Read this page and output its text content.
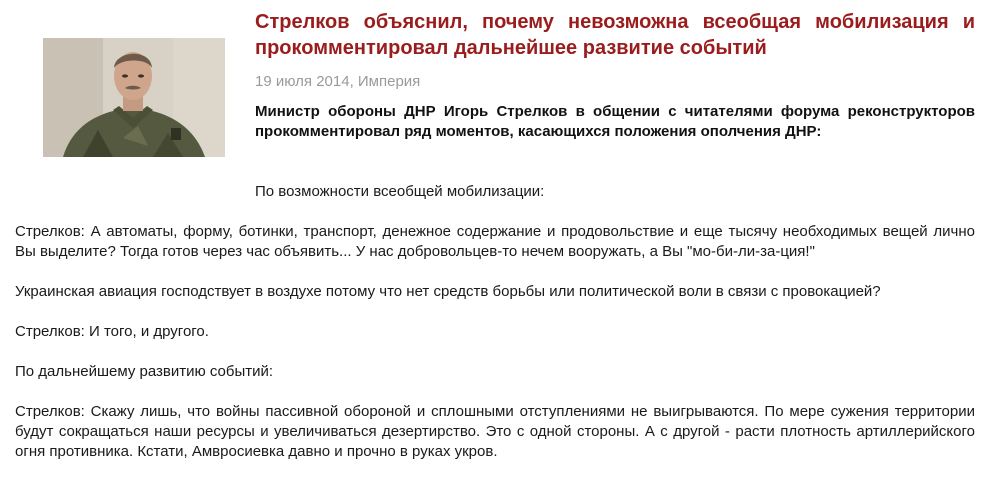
Стрелков объяснил, почему невозможна всеобщая мобилизация и прокомментировал дальнейшее развитие событий
19 июля 2014, Империя

Министр обороны ДНР Игорь Стрелков в общении с читателями форума реконструкторов прокомментировал ряд моментов, касающихся положения ополчения ДНР:

По возможности всеобщей мобилизации:

Стрелков: А автоматы, форму, ботинки, транспорт, денежное содержание и продовольствие и еще тысячу необходимых вещей лично Вы выделите? Тогда готов через час объявить... У нас добровольцев-то нечем вооружать, а Вы "мо-би-ли-за-ция!"

Украинская авиация господствует в воздухе потому что нет средств борьбы или политической воли в связи с провокацией?

Стрелков: И того, и другого.

По дальнейшему развитию событий:

Стрелков: Скажу лишь, что войны пассивной обороной и сплошными отступлениями не выигрываются. По мере сужения территории будут сокращаться наши ресурсы и увеличиваться дезертирство. Это с одной стороны. А с другой - расти плотность артиллерийского огня противника. Кстати, Амвросиевка давно и прочно в руках укров.
